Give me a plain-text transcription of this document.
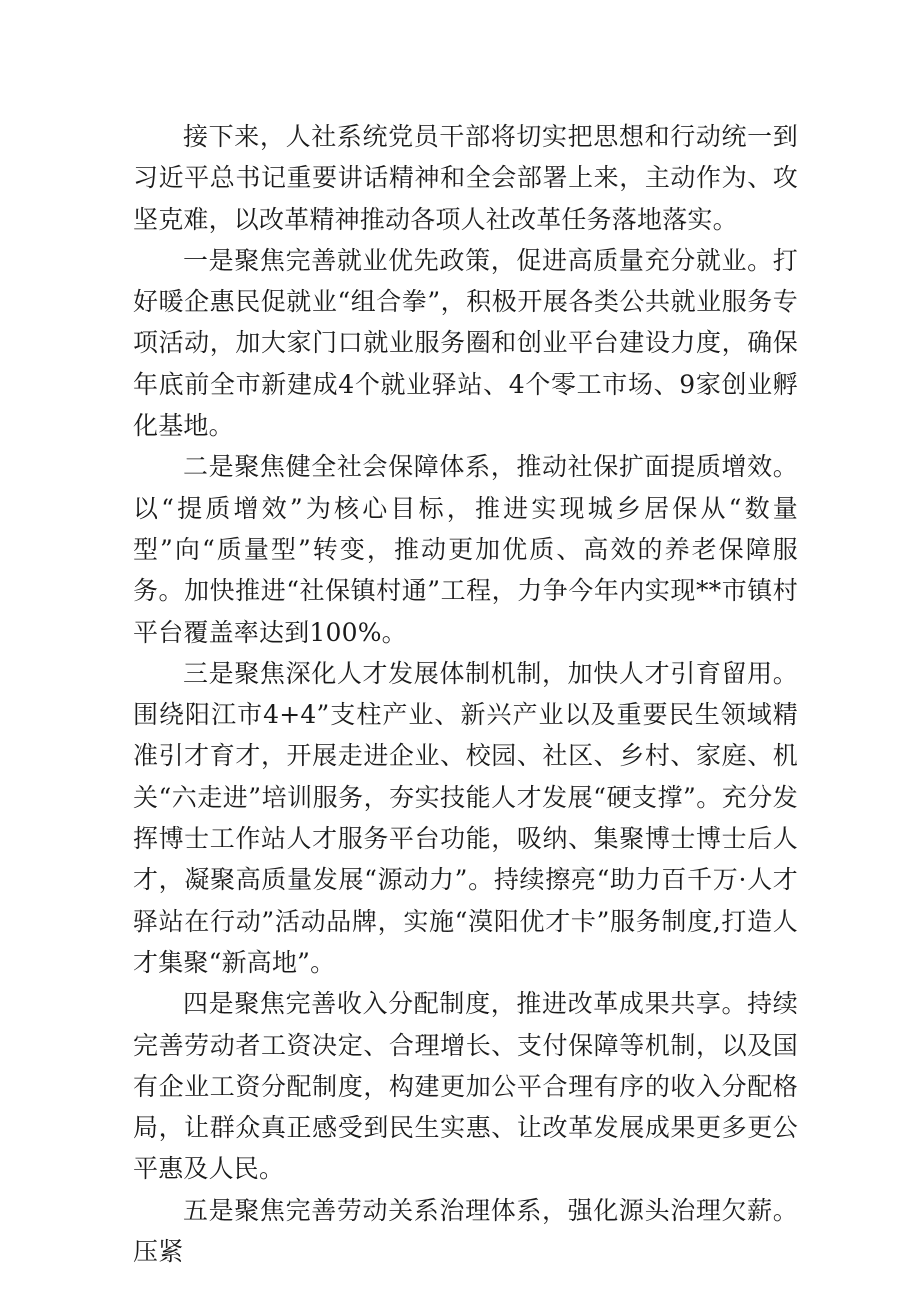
接下来，人社系统党员干部将切实把思想和行动统一到习近平总书记重要讲话精神和全会部署上来，主动作为、攻坚克难，以改革精神推动各项人社改革任务落地落实。

一是聚焦完善就业优先政策，促进高质量充分就业。打好暖企惠民促就业“组合拳”，积极开展各类公共就业服务专项活动，加大家门口就业服务圈和创业平台建设力度，确保年底前全市新建成4个就业驿站、4个零工市场、9家创业孵化基地。

二是聚焦健全社会保障体系，推动社保扩面提质增效。以“提质增效”为核心目标，推进实现城乡居保从“数量型”向“质量型”转变，推动更加优质、高效的养老保障服务。加快推进“社保镇村通”工程，力争今年内实现**市镇村平台覆盖率达到100%。

三是聚焦深化人才发展体制机制，加快人才引育留用。围绕阳江市4+4”支柱产业、新兴产业以及重要民生领域精准引才育才，开展走进企业、校园、社区、乡村、家庭、机关“六走进”培训服务，夯实技能人才发展“硬支撑”。充分发挥博士工作站人才服务平台功能，吸纳、集聚博士博士后人才，凝聚高质量发展“源动力”。持续擦亮“助力百千万·人才驿站在行动”活动品牌，实施“漠阳优才卡”服务制度,打造人才集聚“新高地”。

四是聚焦完善收入分配制度，推进改革成果共享。持续完善劳动者工资决定、合理增长、支付保障等机制，以及国有企业工资分配制度，构建更加公平合理有序的收入分配格局，让群众真正感受到民生实惠、让改革发展成果更多更公平惠及人民。

五是聚焦完善劳动关系治理体系，强化源头治理欠薪。压紧
